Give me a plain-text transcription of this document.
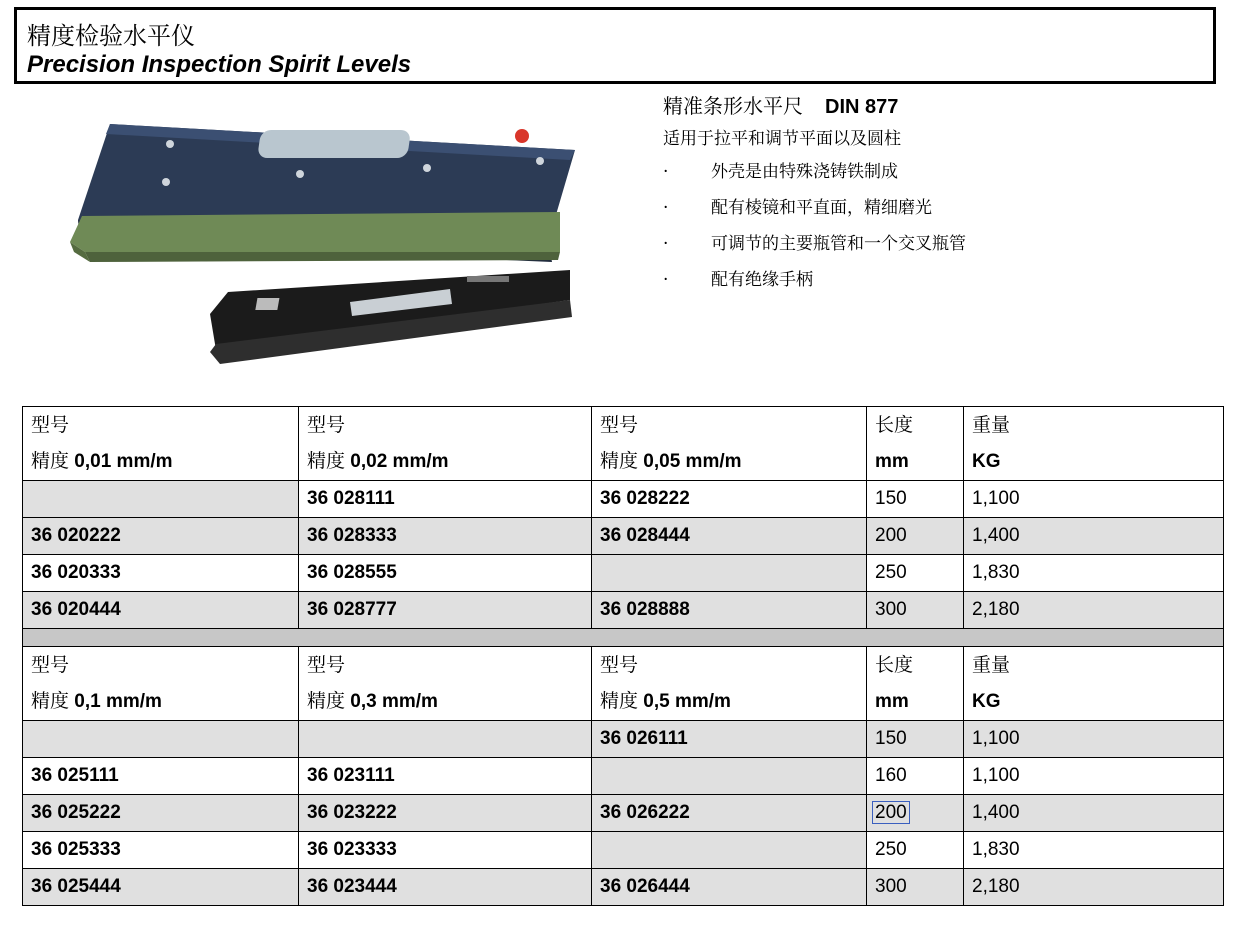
精度检验水平仪
Precision Inspection Spirit Levels
精准条形水平尺 DIN 877
适用于拉平和调节平面以及圆柱
·	外壳是由特殊浇铸铁制成
·	配有棱镜和平直面，精细磨光
·	可调节的主要瓶管和一个交叉瓶管
·	配有绝缘手柄
型号	型号	型号	长度	重量
精度 0,01 mm/m	精度 0,02 mm/m	精度 0,05 mm/m	mm	KG
	36 028111	36 028222	150	1,100
36 020222	36 028333	36 028444	200	1,400
36 020333	36 028555		250	1,830
36 020444	36 028777	36 028888	300	2,180

型号	型号	型号	长度	重量
精度 0,1 mm/m	精度 0,3 mm/m	精度 0,5 mm/m	mm	KG
		36 026111	150	1,100
36 025111	36 023111		160	1,100
36 025222	36 023222	36 026222	200	1,400
36 025333	36 023333		250	1,830
36 025444	36 023444	36 026444	300	2,180
